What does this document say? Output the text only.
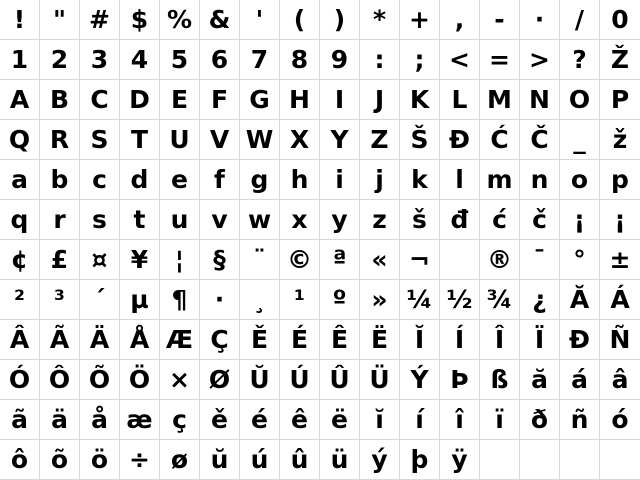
! " # $ % & ' ( ) * + , - · / 0
1 2 3 4 5 6 7 8 9 : ; < = > ? Ž
A B C D E F G H I J K L M N O P
Q R S T U V W X Y Z Š Đ Ć Č _ ž
a b c d e f g h i j k l m n o p
q r s t u v w x y z š đ ć č ¡ ¡
¢ £ ¤ ¥ ¦ § ¨ © ª « ¬ ® ¯ ° ±
² ³ ´ µ ¶ · ¸ ¹ º » ¼ ½ ¾ ¿ Ă Á
Â Ã Ä Å Æ Ç Ě É Ê Ë Ĭ Í Î Ï Đ Ñ
Ó Ô Õ Ö × Ø Ŭ Ú Û Ü Ý Þ ß ă á â
ã ä å æ ç ě é ê ë ĭ í î ï ð ñ ó
ô õ ö ÷ ø ŭ ú û ü ý þ ÿ
